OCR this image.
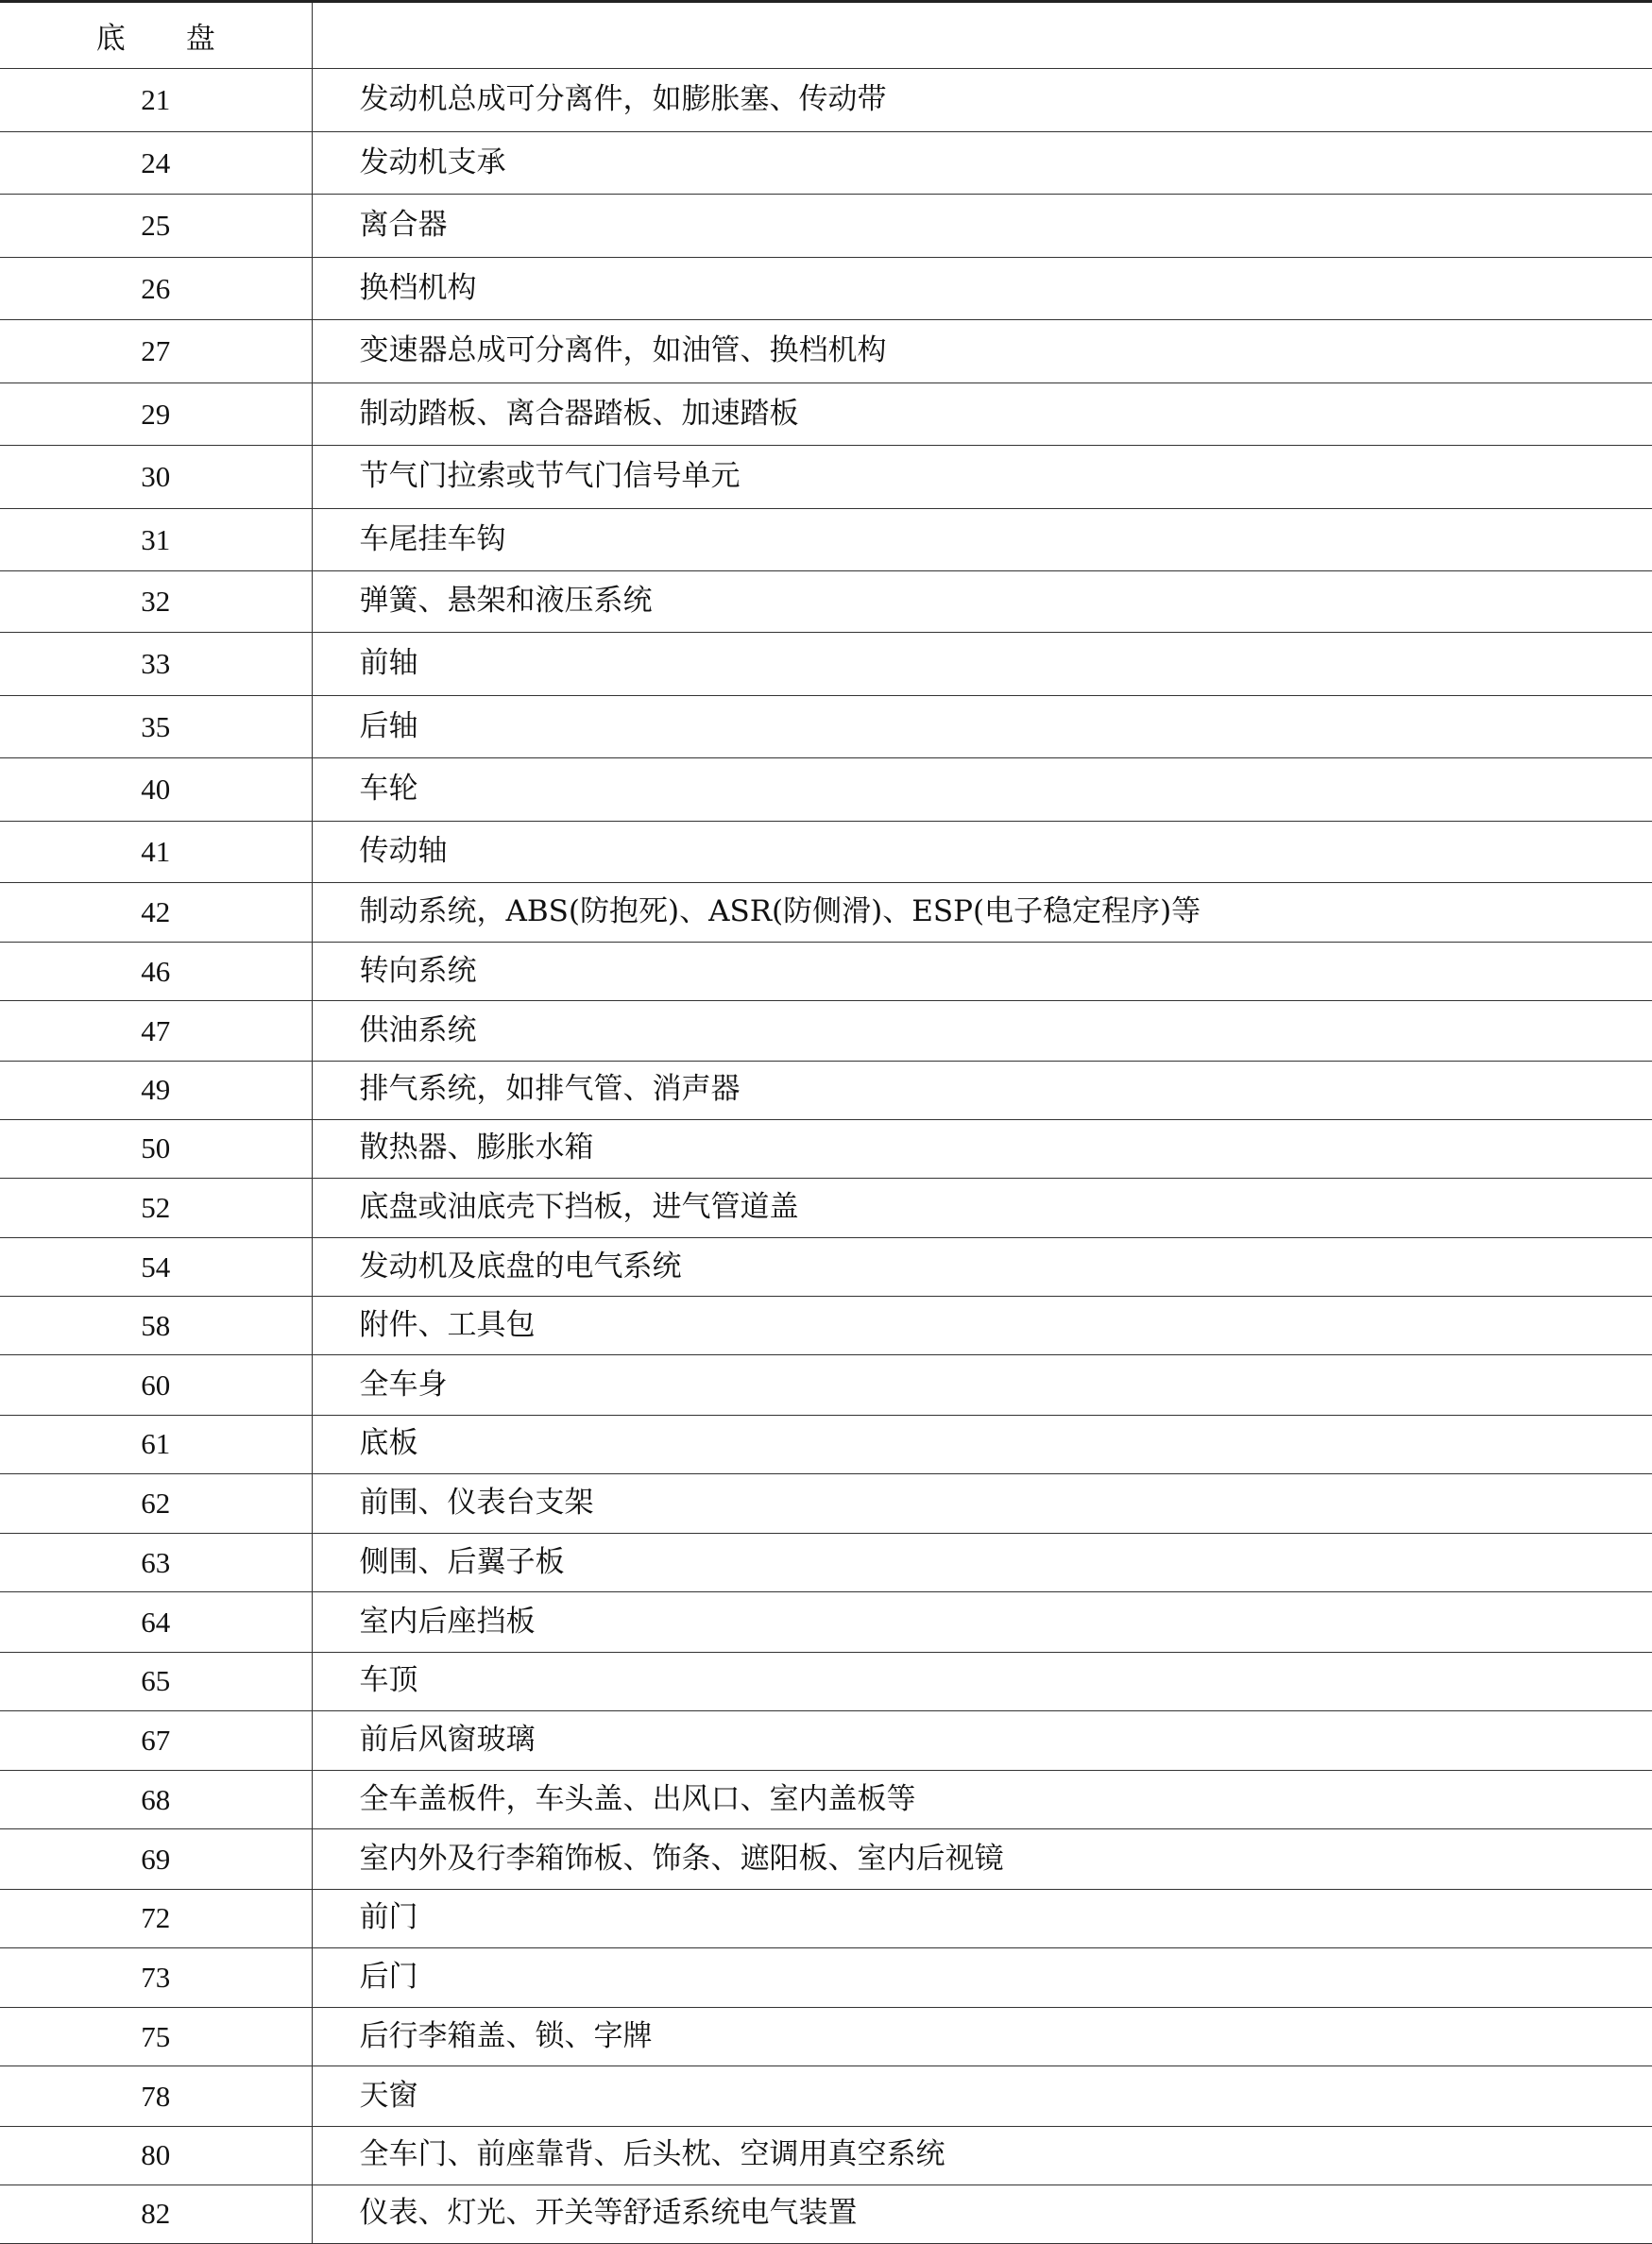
底 盘	
21	发动机总成可分离件，如膨胀塞、传动带
24	发动机支承
25	离合器
26	换档机构
27	变速器总成可分离件，如油管、换档机构
29	制动踏板、离合器踏板、加速踏板
30	节气门拉索或节气门信号单元
31	车尾挂车钩
32	弹簧、悬架和液压系统
33	前轴
35	后轴
40	车轮
41	传动轴
42	制动系统，ABS(防抱死)、ASR(防侧滑)、ESP(电子稳定程序)等
46	转向系统
47	供油系统
49	排气系统，如排气管、消声器
50	散热器、膨胀水箱
52	底盘或油底壳下挡板，进气管道盖
54	发动机及底盘的电气系统
58	附件、工具包
60	全车身
61	底板
62	前围、仪表台支架
63	侧围、后翼子板
64	室内后座挡板
65	车顶
67	前后风窗玻璃
68	全车盖板件，车头盖、出风口、室内盖板等
69	室内外及行李箱饰板、饰条、遮阳板、室内后视镜
72	前门
73	后门
75	后行李箱盖、锁、字牌
78	天窗
80	全车门、前座靠背、后头枕、空调用真空系统
82	仪表、灯光、开关等舒适系统电气装置
